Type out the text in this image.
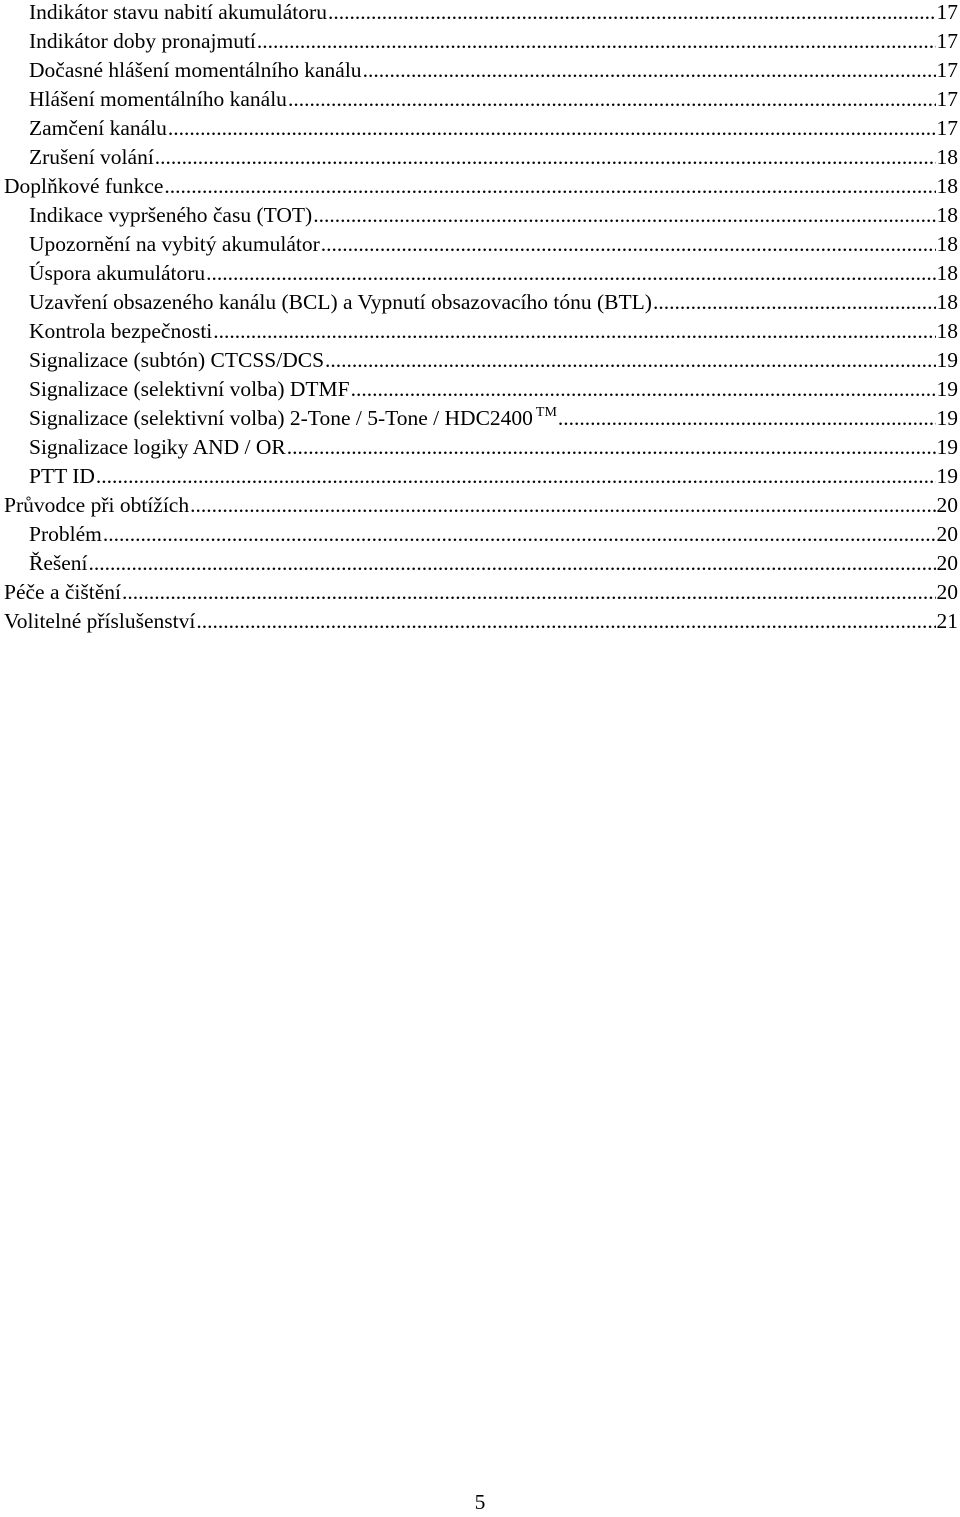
Indikátor stavu nabití akumulátoru .....	17
Indikátor doby pronajmutí .....	17
Dočasné hlášení momentálního kanálu .....	17
Hlášení momentálního kanálu .....	17
Zamčení kanálu .....	17
Zrušení volání .....	18
Doplňkové funkce .....	18
Indikace vypršeného času (TOT) .....	18
Upozornění na vybitý akumulátor .....	18
Úspora akumulátoru .....	18
Uzavření obsazeného kanálu (BCL) a Vypnutí obsazovacího tónu (BTL) .....	18
Kontrola bezpečnosti .....	18
Signalizace (subtón) CTCSS/DCS .....	19
Signalizace (selektivní volba) DTMF .....	19
Signalizace (selektivní volba) 2-Tone / 5-Tone / HDC2400 ™ .....	19
Signalizace logiky AND / OR .....	19
PTT ID .....	19
Průvodce při obtížích .....	20
Problém .....	20
Řešení .....	20
Péče a čištění .....	20
Volitelné příslušenství .....	21
5
